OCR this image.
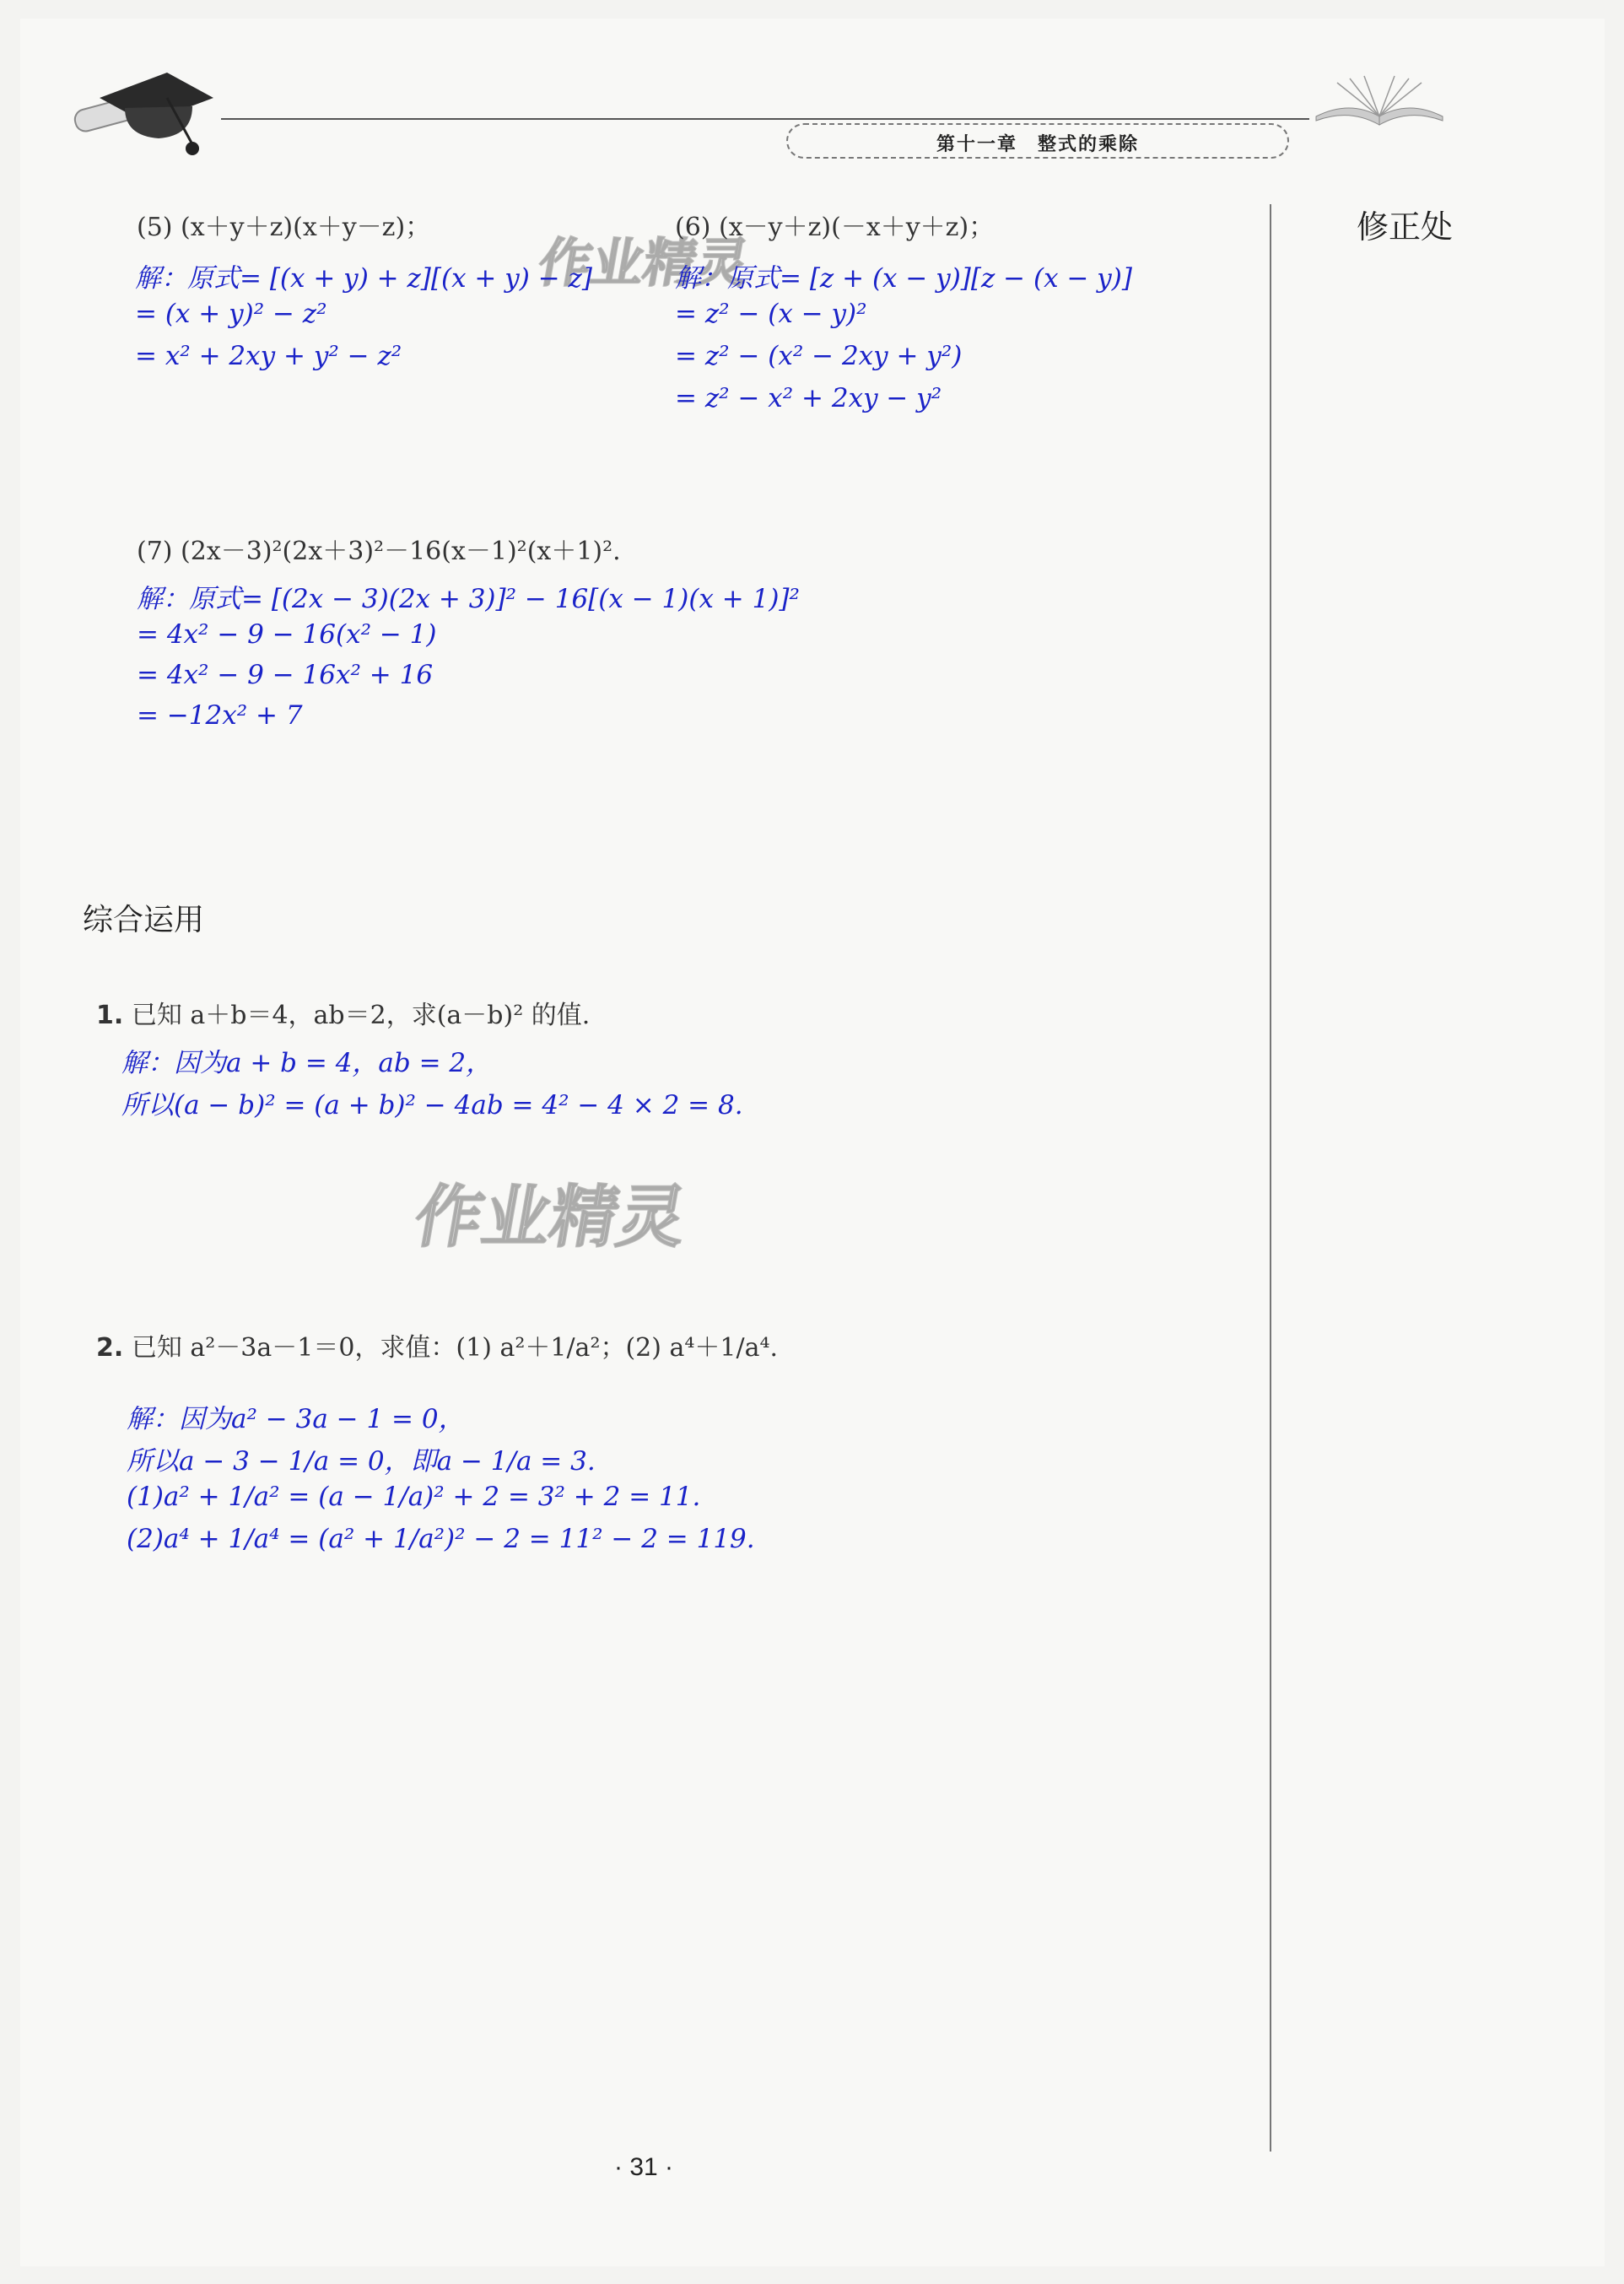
第十一章　整式的乘除
修正处
作业精灵
作业精灵
(5) (x＋y＋z)(x＋y－z)；
解：原式= [(x + y) + z][(x + y) − z]
= (x + y)² − z²
= x² + 2xy + y² − z²
(6) (x－y＋z)(－x＋y＋z)；
解：原式= [z + (x − y)][z − (x − y)]
= z² − (x − y)²
= z² − (x² − 2xy + y²)
= z² − x² + 2xy − y²
(7) (2x－3)²(2x＋3)²－16(x－1)²(x＋1)².
解：原式= [(2x − 3)(2x + 3)]² − 16[(x − 1)(x + 1)]²
= 4x² − 9 − 16(x² − 1)
= 4x² − 9 − 16x² + 16
= −12x² + 7
综合运用
1. 已知 a＋b＝4，ab＝2，求(a－b)² 的值.
解：因为a + b = 4，ab = 2，
所以(a − b)² = (a + b)² − 4ab = 4² − 4 × 2 = 8.
2. 已知 a²－3a－1＝0，求值：(1) a²＋1/a²；(2) a⁴＋1/a⁴.
解：因为a² − 3a − 1 = 0，
所以a − 3 − 1/a = 0，即a − 1/a = 3.
(1)a² + 1/a² = (a − 1/a)² + 2 = 3² + 2 = 11.
(2)a⁴ + 1/a⁴ = (a² + 1/a²)² − 2 = 11² − 2 = 119.
· 31 ·
